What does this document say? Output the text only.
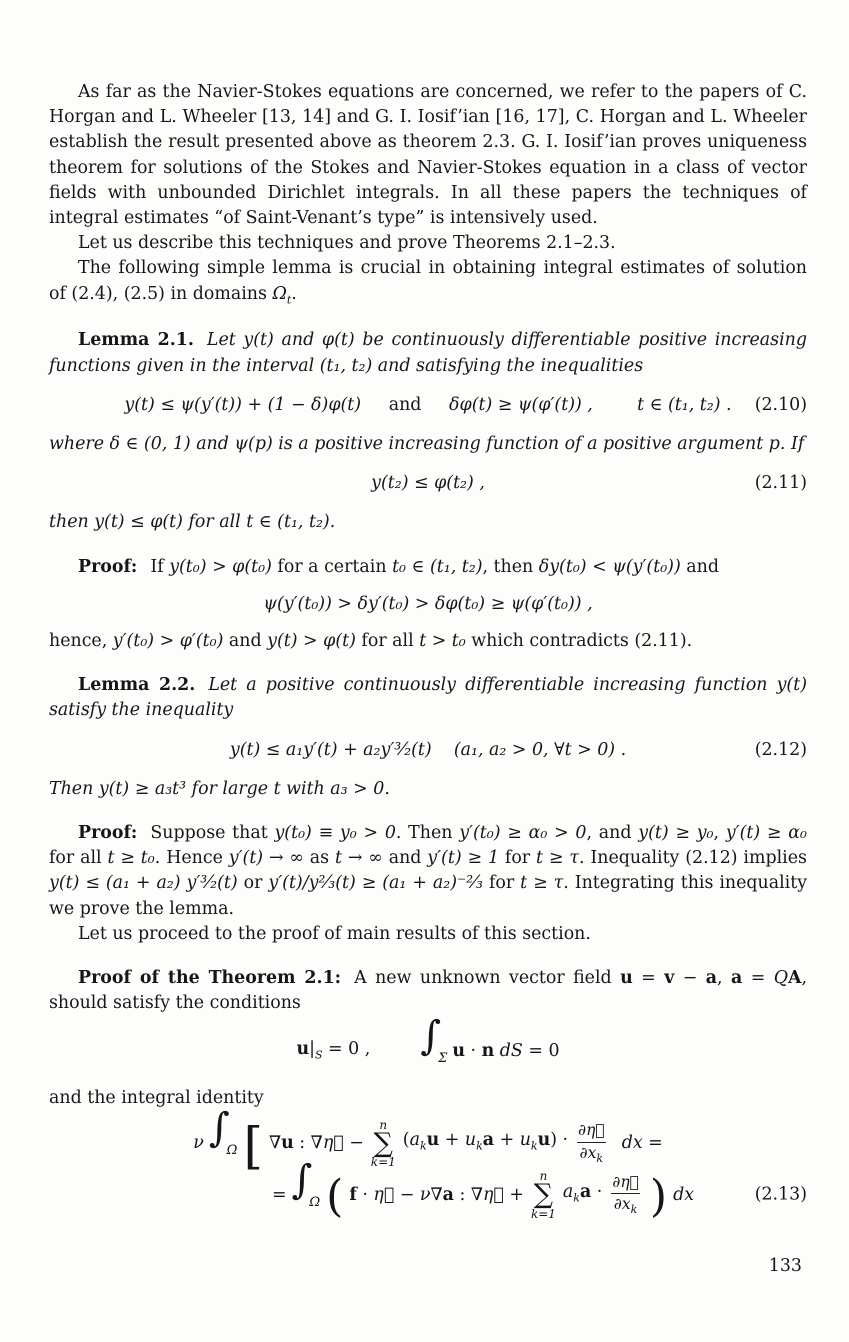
As far as the Navier-Stokes equations are concerned, we refer to the papers of C. Horgan and L. Wheeler [13, 14] and G. I. Iosif’ian [16, 17], C. Horgan and L. Wheeler establish the result presented above as theorem 2.3. G. I. Iosif’ian proves uniqueness theorem for solutions of the Stokes and Navier-Stokes equation in a class of vector fields with unbounded Dirichlet integrals. In all these papers the techniques of integral estimates “of Saint-Venant’s type” is intensively used.

Let us describe this techniques and prove Theorems 2.1–2.3.

The following simple lemma is crucial in obtaining integral estimates of solution of (2.4), (2.5) in domains $\Omega_t$.

Lemma 2.1. Let y(t) and φ(t) be continuously differentiable positive increasing functions given in the interval (t₁, t₂) and satisfying the inequalities

y(t) ≤ ψ(y′(t)) + (1 − δ)φ(t)     and     δφ(t) ≥ ψ(φ′(t)) ,	t ∈ (t₁, t₂) .	(2.10)

where δ ∈ (0, 1) and ψ(p) is a positive increasing function of a positive argument p. If

y(t₂) ≤ φ(t₂) ,	(2.11)

then y(t) ≤ φ(t) for all t ∈ (t₁, t₂).

Proof: If y(t₀) > φ(t₀) for a certain t₀ ∈ (t₁, t₂), then δy(t₀) < ψ(y′(t₀)) and

ψ(y′(t₀)) > δy′(t₀) > δφ(t₀) ≥ ψ(φ′(t₀)) ,

hence, y′(t₀) > φ′(t₀) and y(t) > φ(t) for all t > t₀ which contradicts (2.11).

Lemma 2.2. Let a positive continuously differentiable increasing function y(t) satisfy the inequality

y(t) ≤ a₁y′(t) + a₂y′³⁄₂(t) (a₁, a₂ > 0, ∀t > 0) .	(2.12)

Then y(t) ≥ a₃t³ for large t with a₃ > 0.

Proof: Suppose that y(t₀) ≡ y₀ > 0. Then y′(t₀) ≥ α₀ > 0, and y(t) ≥ y₀, y′(t) ≥ α₀ for all t ≥ t₀. Hence y′(t) → ∞ as t → ∞ and y′(t) ≥ 1 for t ≥ τ. Inequality (2.12) implies y(t) ≤ (a₁ + a₂) y′³⁄₂(t) or y′(t)/y²⁄₃(t) ≥ (a₁ + a₂)⁻²⁄₃ for t ≥ τ. Integrating this inequality we prove the lemma.

Let us proceed to the proof of main results of this section.

Proof of the Theorem 2.1: A new unknown vector field u = v − a, a = QA, should satisfy the conditions

$u|_S = 0$ , $\int_\Sigma$ u · n dS = 0

and the integral identity

ν $\int_\Omega$ [ ∇u : ∇η⃗ −
n
∑
k=1
$(a_ku + u_ka + u_ku) \cdot \frac{\partial\eta⃗}{\partial x_k}$ dx =
= $\int_\Omega$ ( f · η⃗ − ν∇a : ∇η⃗ +
n
∑
k=1
$a_ka \cdot \frac{\partial\eta⃗}{\partial x_k}$ ) dx	(2.13)
133
